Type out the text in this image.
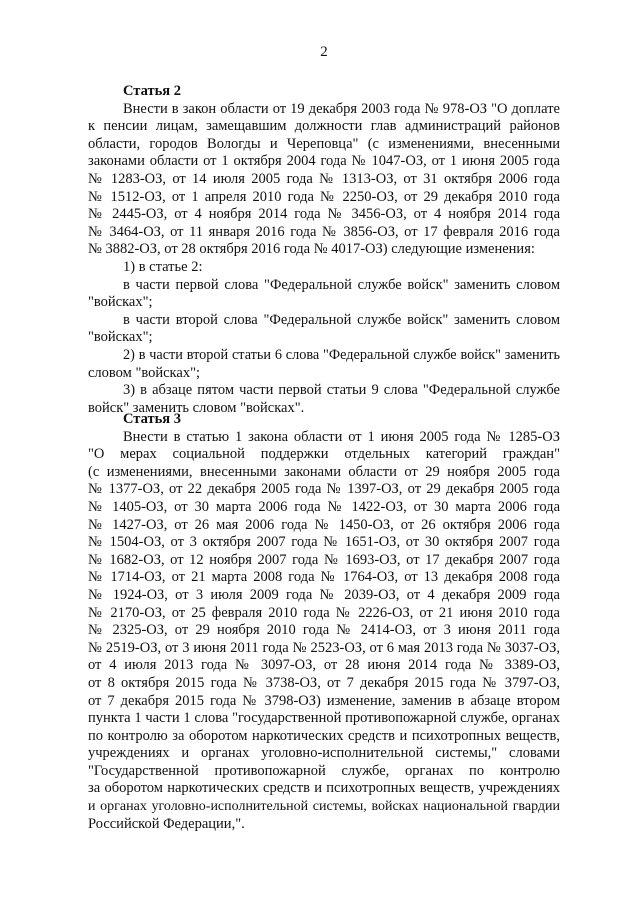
2
Статья 2
Внести в закон области от 19 декабря 2003 года № 978-ОЗ "О доплате
к пенсии лицам, замещавшим должности глав администраций районов
области, городов Вологды и Череповца" (с изменениями, внесенными
законами области от 1 октября 2004 года № 1047-ОЗ, от 1 июня 2005 года
№ 1283-ОЗ, от 14 июля 2005 года № 1313-ОЗ, от 31 октября 2006 года
№ 1512-ОЗ, от 1 апреля 2010 года № 2250-ОЗ, от 29 декабря 2010 года
№ 2445-ОЗ, от 4 ноября 2014 года № 3456-ОЗ, от 4 ноября 2014 года
№ 3464-ОЗ, от 11 января 2016 года № 3856-ОЗ, от 17 февраля 2016 года
№ 3882-ОЗ, от 28 октября 2016 года № 4017-ОЗ) следующие изменения:
1) в статье 2:
в части первой слова "Федеральной службе войск" заменить словом
"войсках";
в части второй слова "Федеральной службе войск" заменить словом
"войсках";
2) в части второй статьи 6 слова "Федеральной службе войск" заменить
словом "войсках";
3) в абзаце пятом части первой статьи 9 слова "Федеральной службе
войск" заменить словом "войсках".
Статья 3
Внести в статью 1 закона области от 1 июня 2005 года № 1285-ОЗ
"О мерах социальной поддержки отдельных категорий граждан"
(с изменениями, внесенными законами области от 29 ноября 2005 года
№ 1377-ОЗ, от 22 декабря 2005 года № 1397-ОЗ, от 29 декабря 2005 года
№ 1405-ОЗ, от 30 марта 2006 года № 1422-ОЗ, от 30 марта 2006 года
№ 1427-ОЗ, от 26 мая 2006 года № 1450-ОЗ, от 26 октября 2006 года
№ 1504-ОЗ, от 3 октября 2007 года № 1651-ОЗ, от 30 октября 2007 года
№ 1682-ОЗ, от 12 ноября 2007 года № 1693-ОЗ, от 17 декабря 2007 года
№ 1714-ОЗ, от 21 марта 2008 года № 1764-ОЗ, от 13 декабря 2008 года
№ 1924-ОЗ, от 3 июля 2009 года № 2039-ОЗ, от 4 декабря 2009 года
№ 2170-ОЗ, от 25 февраля 2010 года № 2226-ОЗ, от 21 июня 2010 года
№ 2325-ОЗ, от 29 ноября 2010 года № 2414-ОЗ, от 3 июня 2011 года
№ 2519-ОЗ, от 3 июня 2011 года № 2523-ОЗ, от 6 мая 2013 года № 3037-ОЗ,
от 4 июля 2013 года № 3097-ОЗ, от 28 июня 2014 года № 3389-ОЗ,
от 8 октября 2015 года № 3738-ОЗ, от 7 декабря 2015 года № 3797-ОЗ,
от 7 декабря 2015 года № 3798-ОЗ) изменение, заменив в абзаце втором
пункта 1 части 1 слова "государственной противопожарной службе, органах
по контролю за оборотом наркотических средств и психотропных веществ,
учреждениях и органах уголовно-исполнительной системы," словами
"Государственной противопожарной службе, органах по контролю
за оборотом наркотических средств и психотропных веществ, учреждениях
и органах уголовно-исполнительной системы, войсках национальной гвардии
Российской Федерации,".
